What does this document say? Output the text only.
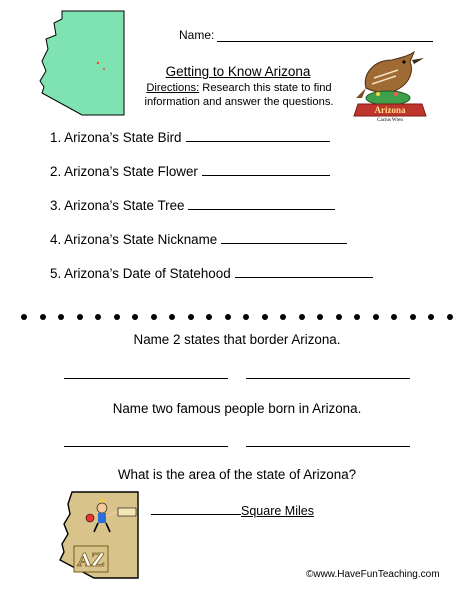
Name:
Getting to Know Arizona
Directions: Research this state to find information and answer the questions.
Arizona
Cactus Wren
1. Arizona’s State Bird
2. Arizona’s State Flower
3. Arizona’s State Tree
4. Arizona’s State Nickname
5. Arizona’s Date of Statehood
Name 2 states that border Arizona.
Name two famous people born in Arizona.
What is the area of the state of Arizona?
Square Miles
AZ
©www.HaveFunTeaching.com
